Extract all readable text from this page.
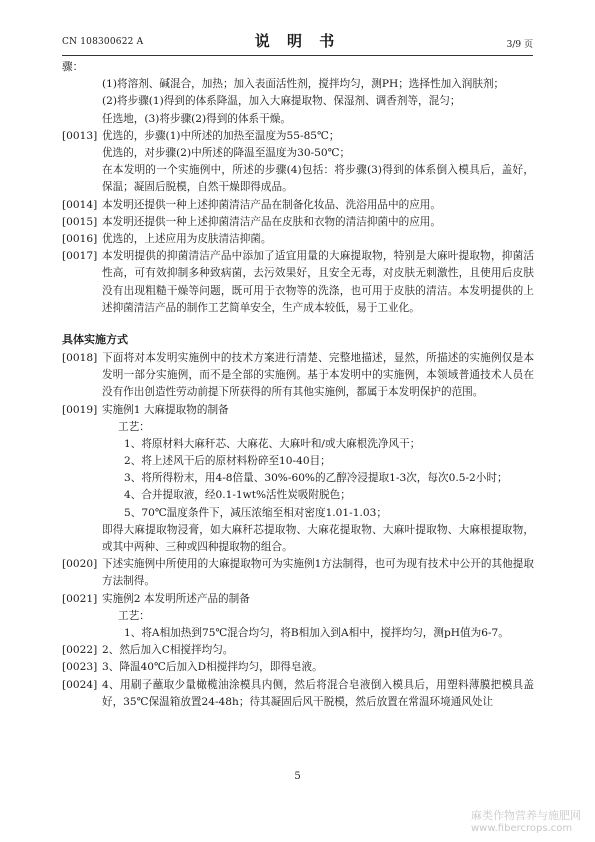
CN 108300622 A	说 明 书	3/9 页
骤：
(1)将溶剂、碱混合，加热；加入表面活性剂，搅拌均匀，测PH；选择性加入润肤剂；
(2)将步骤(1)得到的体系降温，加入大麻提取物、保湿剂、调香剂等，混匀；
任选地，(3)将步骤(2)得到的体系干燥。
[0013] 优选的，步骤(1)中所述的加热至温度为55-85℃；
优选的，对步骤(2)中所述的降温至温度为30-50℃；
在本发明的一个实施例中，所述的步骤(4)包括：将步骤(3)得到的体系倒入模具后，盖好，保温；凝固后脱模，自然干燥即得成品。
[0014] 本发明还提供一种上述抑菌清洁产品在制备化妆品、洗浴用品中的应用。
[0015] 本发明还提供一种上述抑菌清洁产品在皮肤和衣物的清洁抑菌中的应用。
[0016] 优选的，上述应用为皮肤清洁抑菌。
[0017] 本发明提供的抑菌清洁产品中添加了适宜用量的大麻提取物，特别是大麻叶提取物，抑菌活性高，可有效抑制多种致病菌，去污效果好，且安全无毒，对皮肤无刺激性，且使用后皮肤没有出现粗糙干燥等问题，既可用于衣物等的洗涤，也可用于皮肤的清洁。本发明提供的上述抑菌清洁产品的制作工艺简单安全，生产成本较低，易于工业化。
具体实施方式
[0018] 下面将对本发明实施例中的技术方案进行清楚、完整地描述，显然，所描述的实施例仅是本发明一部分实施例，而不是全部的实施例。基于本发明中的实施例，本领域普通技术人员在没有作出创造性劳动前提下所获得的所有其他实施例，都属于本发明保护的范围。
[0019] 实施例1 大麻提取物的制备
工艺：
1、将原材料大麻秆芯、大麻花、大麻叶和/或大麻根洗净风干；
2、将上述风干后的原材料粉碎至10-40目；
3、将所得粉末，用4-8倍量、30%-60%的乙醇冷浸提取1-3次，每次0.5-2小时；
4、合并提取液，经0.1-1wt%活性炭吸附脱色；
5、70℃温度条件下，减压浓缩至相对密度1.01-1.03；
即得大麻提取物浸膏，如大麻秆芯提取物、大麻花提取物、大麻叶提取物、大麻根提取物，或其中两种、三种或四种提取物的组合。
[0020] 下述实施例中所使用的大麻提取物可为实施例1方法制得，也可为现有技术中公开的其他提取方法制得。
[0021] 实施例2 本发明所述产品的制备
工艺：
1、将A相加热到75℃混合均匀，将B相加入到A相中，搅拌均匀，测pH值为6-7。
[0022] 2、然后加入C相搅拌均匀。
[0023] 3、降温40℃后加入D相搅拌均匀，即得皂液。
[0024] 4、用刷子蘸取少量橄榄油涂模具内侧，然后将混合皂液倒入模具后，用塑料薄膜把模具盖好，35℃保温箱放置24-48h；待其凝固后风干脱模，然后放置在常温环境通风处让
5
麻类作物营养与施肥网
www.fibercrops.com
